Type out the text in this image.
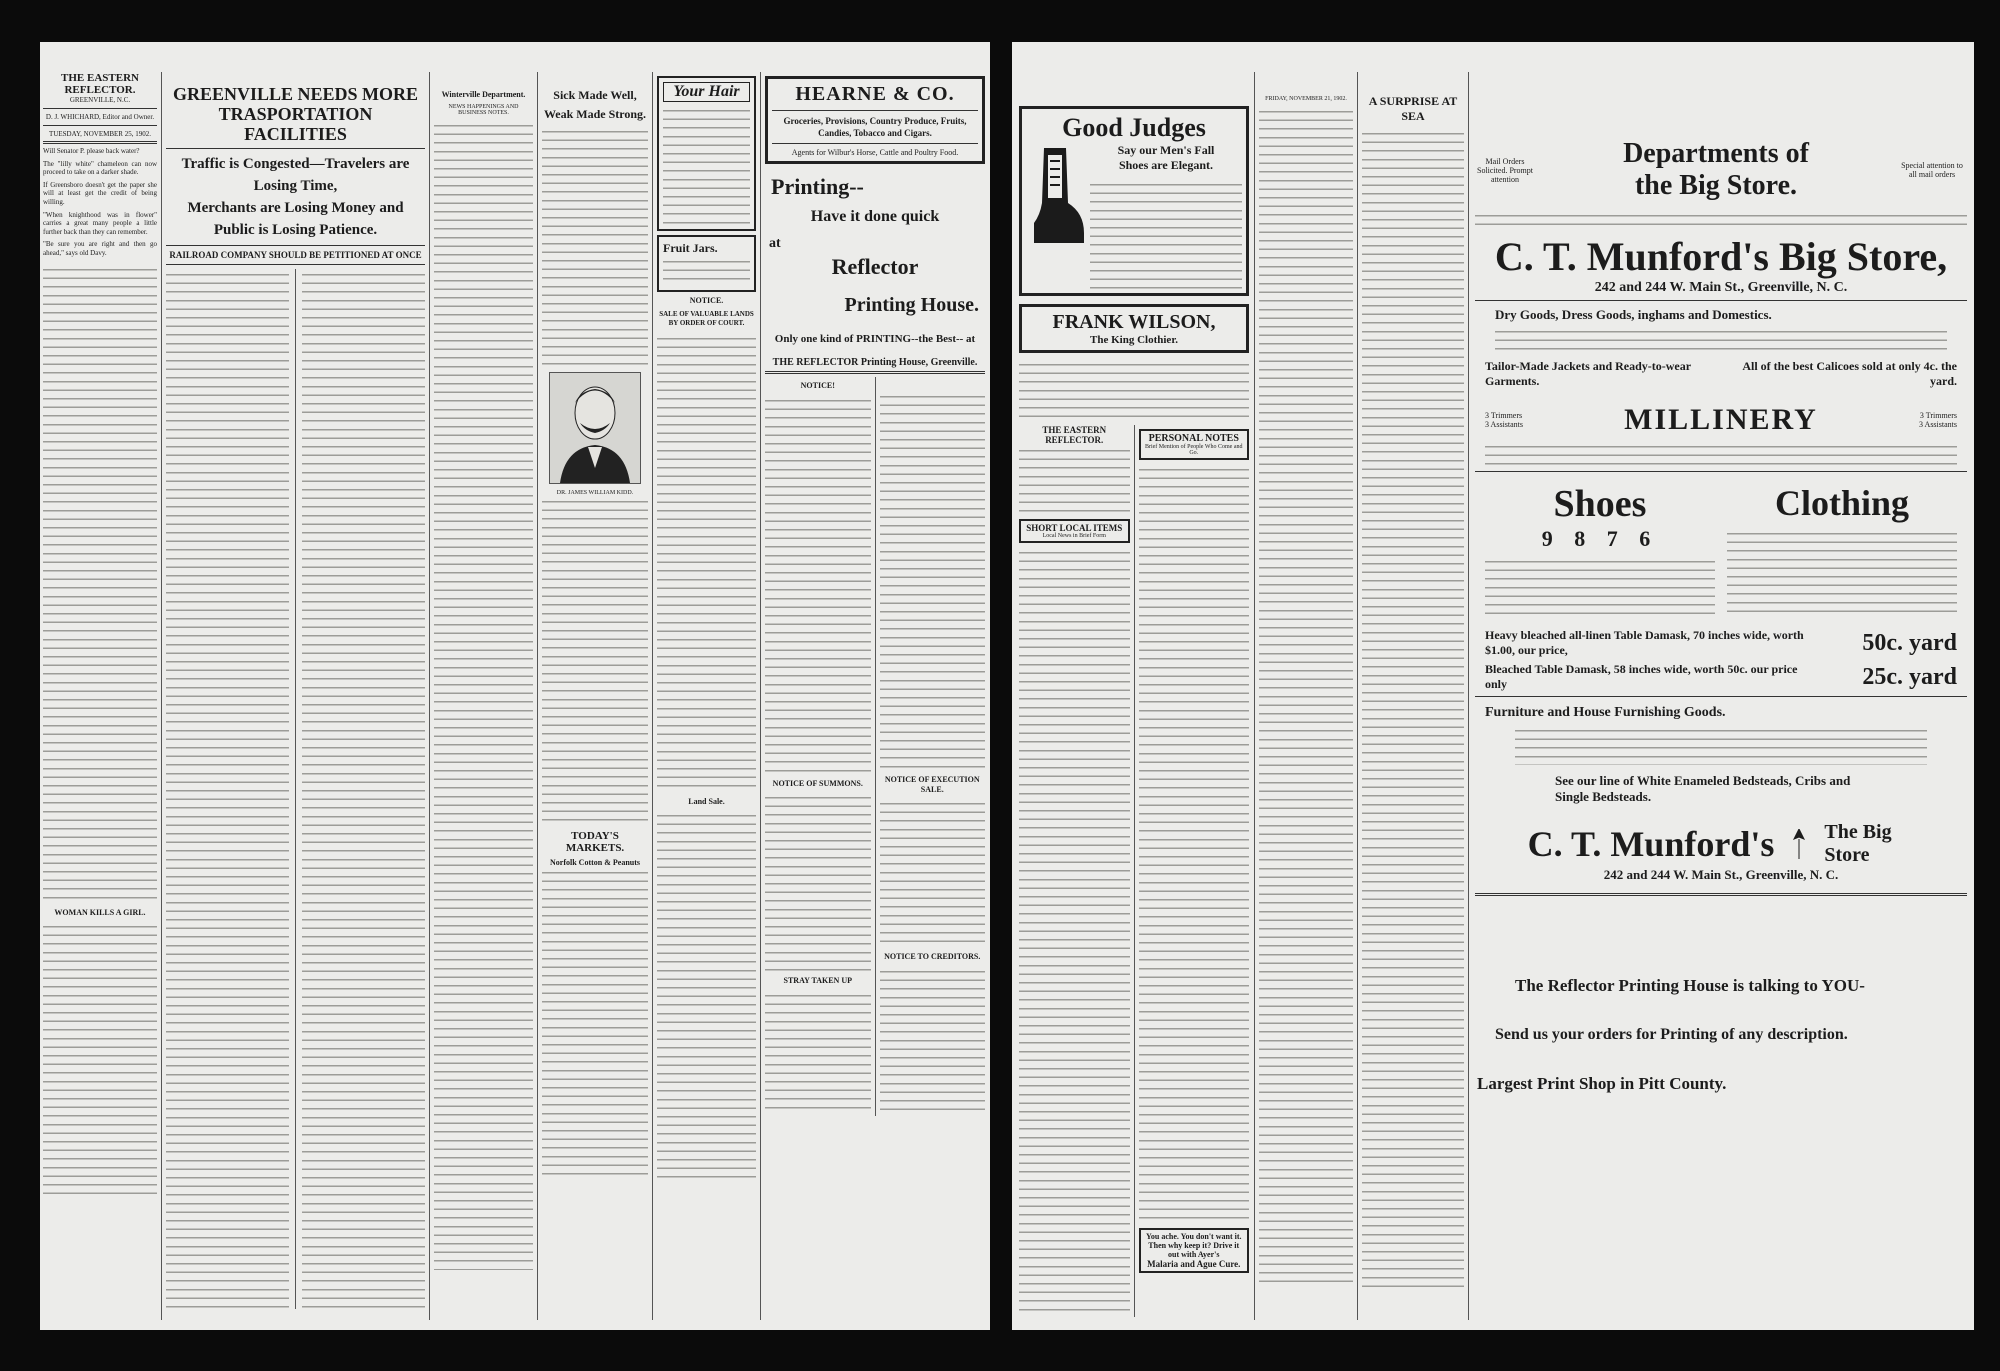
THE EASTERN REFLECTOR.
GREENVILLE, N.C.
D. J. WHICHARD, Editor and Owner.
TUESDAY, NOVEMBER 25, 1902.
Will Senator P. please back water?
The "lilly white" chameleon can now proceed to take on a darker shade.
If Greensboro doesn't get the paper she will at least get the credit of being willing.
"When knighthood was in flower" carries a great many people a little further back than they can remember.
"Be sure you are right and then go ahead," says old Davy.
WOMAN KILLS A GIRL.
GREENVILLE NEEDS MORE
TRASPORTATION FACILITIES
Traffic is Congested—Travelers are Losing Time,
Merchants are Losing Money and
Public is Losing Patience.
RAILROAD COMPANY SHOULD BE PETITIONED AT ONCE
Winterville Department.
NEWS HAPPENINGS AND BUSINESS NOTES.
Sick Made Well,
Weak Made Strong.
DR. JAMES WILLIAM KIDD.
TODAY'S MARKETS.
Norfolk Cotton & Peanuts
Your Hair
Fruit Jars.
NOTICE.
SALE OF VALUABLE LANDS BY ORDER OF COURT.
Land Sale.
HEARNE & CO.
Groceries, Provisions, Country Produce, Fruits, Candies, Tobacco and Cigars.
Agents for Wilbur's Horse, Cattle and Poultry Food.
Printing--
Have it done quick
at
Reflector
Printing House.
Only one kind of PRINTING--the Best-- at
THE REFLECTOR Printing House, Greenville.
NOTICE!
NOTICE OF SUMMONS.
STRAY TAKEN UP
NOTICE OF EXECUTION SALE.
NOTICE TO CREDITORS.
Good Judges
Say our Men's Fall
Shoes are Elegant.
FRANK WILSON,
The King Clothier.
THE EASTERN REFLECTOR.
SHORT LOCAL ITEMS
Local News in Brief Form
PERSONAL NOTES
Brief Mention of People Who Come and Go.
You ache. You don't want it. Then why keep it? Drive it out with Ayer's
Malaria and Ague Cure.
FRIDAY, NOVEMBER 21, 1902.	A SURPRISE AT SEA
Mail Orders Solicited. Prompt attention
Departments of
the Big Store.
Special attention to all mail orders
C. T. Munford's Big Store,
242 and 244 W. Main St., Greenville, N. C.
Dry Goods, Dress Goods, inghams and Domestics.
Tailor-Made Jackets and Ready-to-wear Garments.
All of the best Calicoes sold at only 4c. the yard.
3 Trimmers
3 Assistants	MILLINERY	3 Trimmers
3 Assistants
Shoes
9 8 7 6
Clothing
Heavy bleached all-linen Table Damask, 70 inches wide, worth $1.00, our price,	50c. yard
Bleached Table Damask, 58 inches wide, worth 50c. our price only	25c. yard
Furniture and House Furnishing Goods.
See our line of White Enameled Bedsteads, Cribs and Single Bedsteads.
C. T. Munford's	The Big Store
242 and 244 W. Main St., Greenville, N. C.
The Reflector Printing House is talking to YOU-
Send us your orders for Printing of any description.
Largest Print Shop in Pitt County.
